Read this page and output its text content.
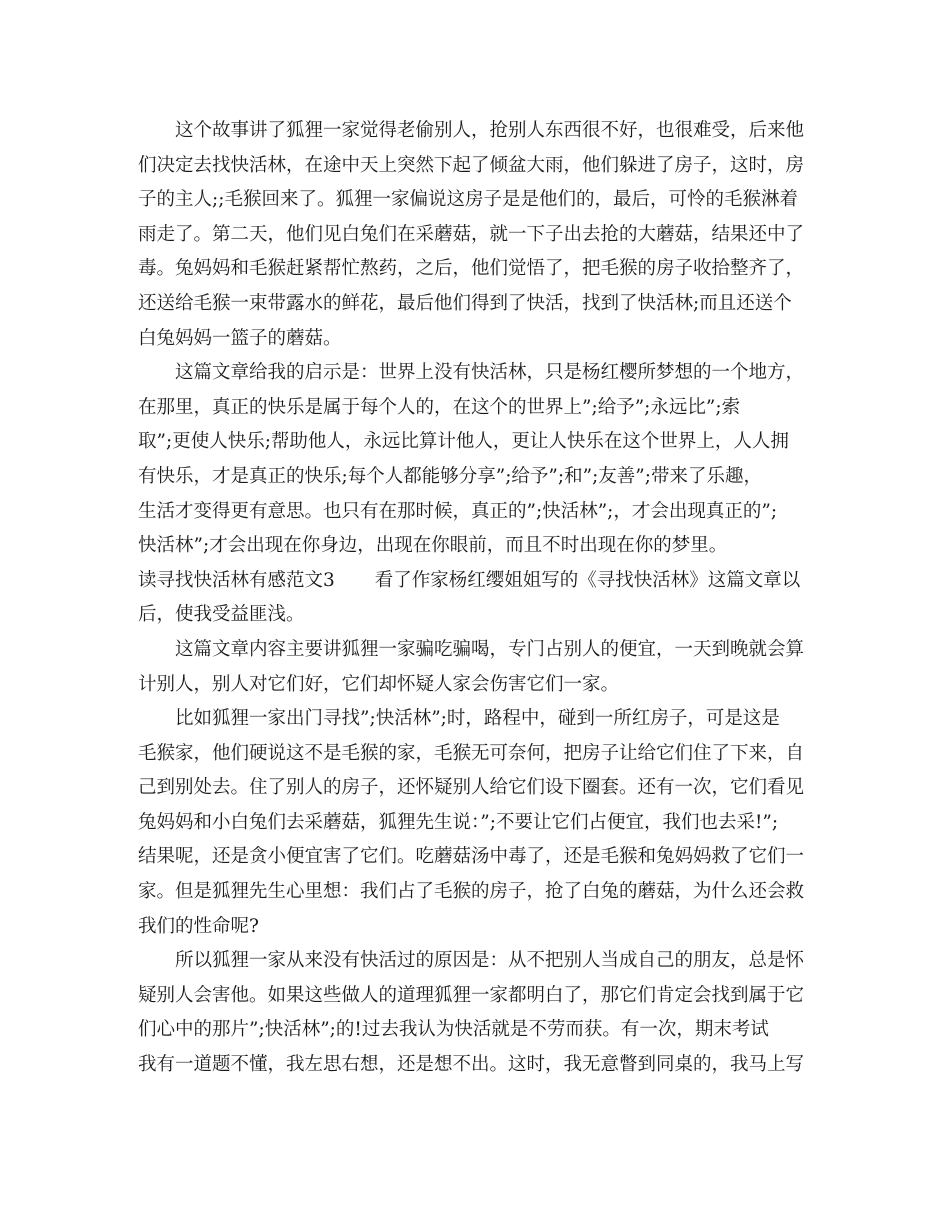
这个故事讲了狐狸一家觉得老偷别人，抢别人东西很不好，也很难受，后来他
们决定去找快活林，在途中天上突然下起了倾盆大雨，他们躲进了房子，这时，房
子的主人;;毛猴回来了。狐狸一家偏说这房子是是他们的，最后，可怜的毛猴淋着
雨走了。第二天，他们见白兔们在采蘑菇，就一下子出去抢的大蘑菇，结果还中了
毒。兔妈妈和毛猴赶紧帮忙熬药，之后，他们觉悟了，把毛猴的房子收拾整齐了，
还送给毛猴一束带露水的鲜花，最后他们得到了快活，找到了快活林;而且还送个
白兔妈妈一篮子的蘑菇。
这篇文章给我的启示是：世界上没有快活林，只是杨红樱所梦想的一个地方，
在那里，真正的快乐是属于每个人的，在这个的世界上”;给予”;永远比”;索
取”;更使人快乐;帮助他人，永远比算计他人，更让人快乐在这个世界上，人人拥
有快乐，才是真正的快乐;每个人都能够分享”;给予”;和”;友善”;带来了乐趣，
生活才变得更有意思。也只有在那时候，真正的”;快活林”;，才会出现真正的”;
快活林”;才会出现在你身边，出现在你眼前，而且不时出现在你的梦里。
读寻找快活林有感范文3 看了作家杨红缨姐姐写的《寻找快活林》这篇文章以
后，使我受益匪浅。
这篇文章内容主要讲狐狸一家骗吃骗喝，专门占别人的便宜，一天到晚就会算
计别人，别人对它们好，它们却怀疑人家会伤害它们一家。
比如狐狸一家出门寻找”;快活林”;时，路程中，碰到一所红房子，可是这是
毛猴家，他们硬说这不是毛猴的家，毛猴无可奈何，把房子让给它们住了下来，自
己到别处去。住了别人的房子，还怀疑别人给它们设下圈套。还有一次，它们看见
兔妈妈和小白兔们去采蘑菇，狐狸先生说：”;不要让它们占便宜，我们也去采!”;
结果呢，还是贪小便宜害了它们。吃蘑菇汤中毒了，还是毛猴和兔妈妈救了它们一
家。但是狐狸先生心里想：我们占了毛猴的房子，抢了白兔的蘑菇，为什么还会救
我们的性命呢?
所以狐狸一家从来没有快活过的原因是：从不把别人当成自己的朋友，总是怀
疑别人会害他。如果这些做人的道理狐狸一家都明白了，那它们肯定会找到属于它
们心中的那片”;快活林”;的!过去我认为快活就是不劳而获。有一次，期末考试
我有一道题不懂，我左思右想，还是想不出。这时，我无意瞥到同桌的，我马上写
